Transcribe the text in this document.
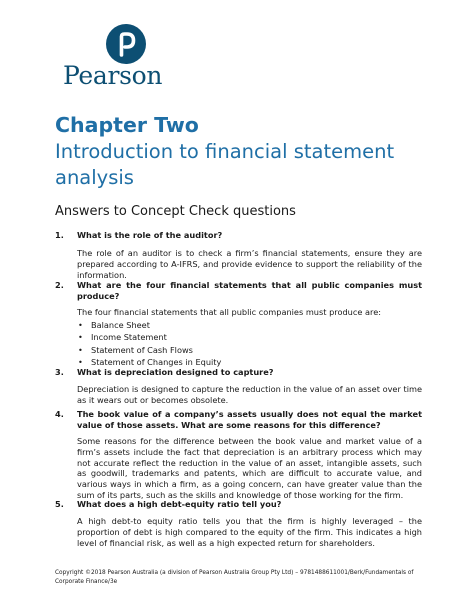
Pearson
Chapter Two
Introduction to financial statement analysis
Answers to Concept Check questions
1. What is the role of the auditor?
The role of an auditor is to check a firm’s financial statements, ensure they are prepared according to A-IFRS, and provide evidence to support the reliability of the information.
2. What are the four financial statements that all public companies must produce?
The four financial statements that all public companies must produce are:
• Balance Sheet
• Income Statement
• Statement of Cash Flows
• Statement of Changes in Equity
3. What is depreciation designed to capture?
Depreciation is designed to capture the reduction in the value of an asset over time as it wears out or becomes obsolete.
4. The book value of a company’s assets usually does not equal the market value of those assets. What are some reasons for this difference?
Some reasons for the difference between the book value and market value of a firm’s assets include the fact that depreciation is an arbitrary process which may not accurate reflect the reduction in the value of an asset, intangible assets, such as goodwill, trademarks and patents, which are difficult to accurate value, and various ways in which a firm, as a going concern, can have greater value than the sum of its parts, such as the skills and knowledge of those working for the firm.
5. What does a high debt-equity ratio tell you?
A high debt-to equity ratio tells you that the firm is highly leveraged – the proportion of debt is high compared to the equity of the firm. This indicates a high level of financial risk, as well as a high expected return for shareholders.
Copyright ©2018 Pearson Australia (a division of Pearson Australia Group Pty Ltd) – 9781488611001/Berk/Fundamentals of Corporate Finance/3e
